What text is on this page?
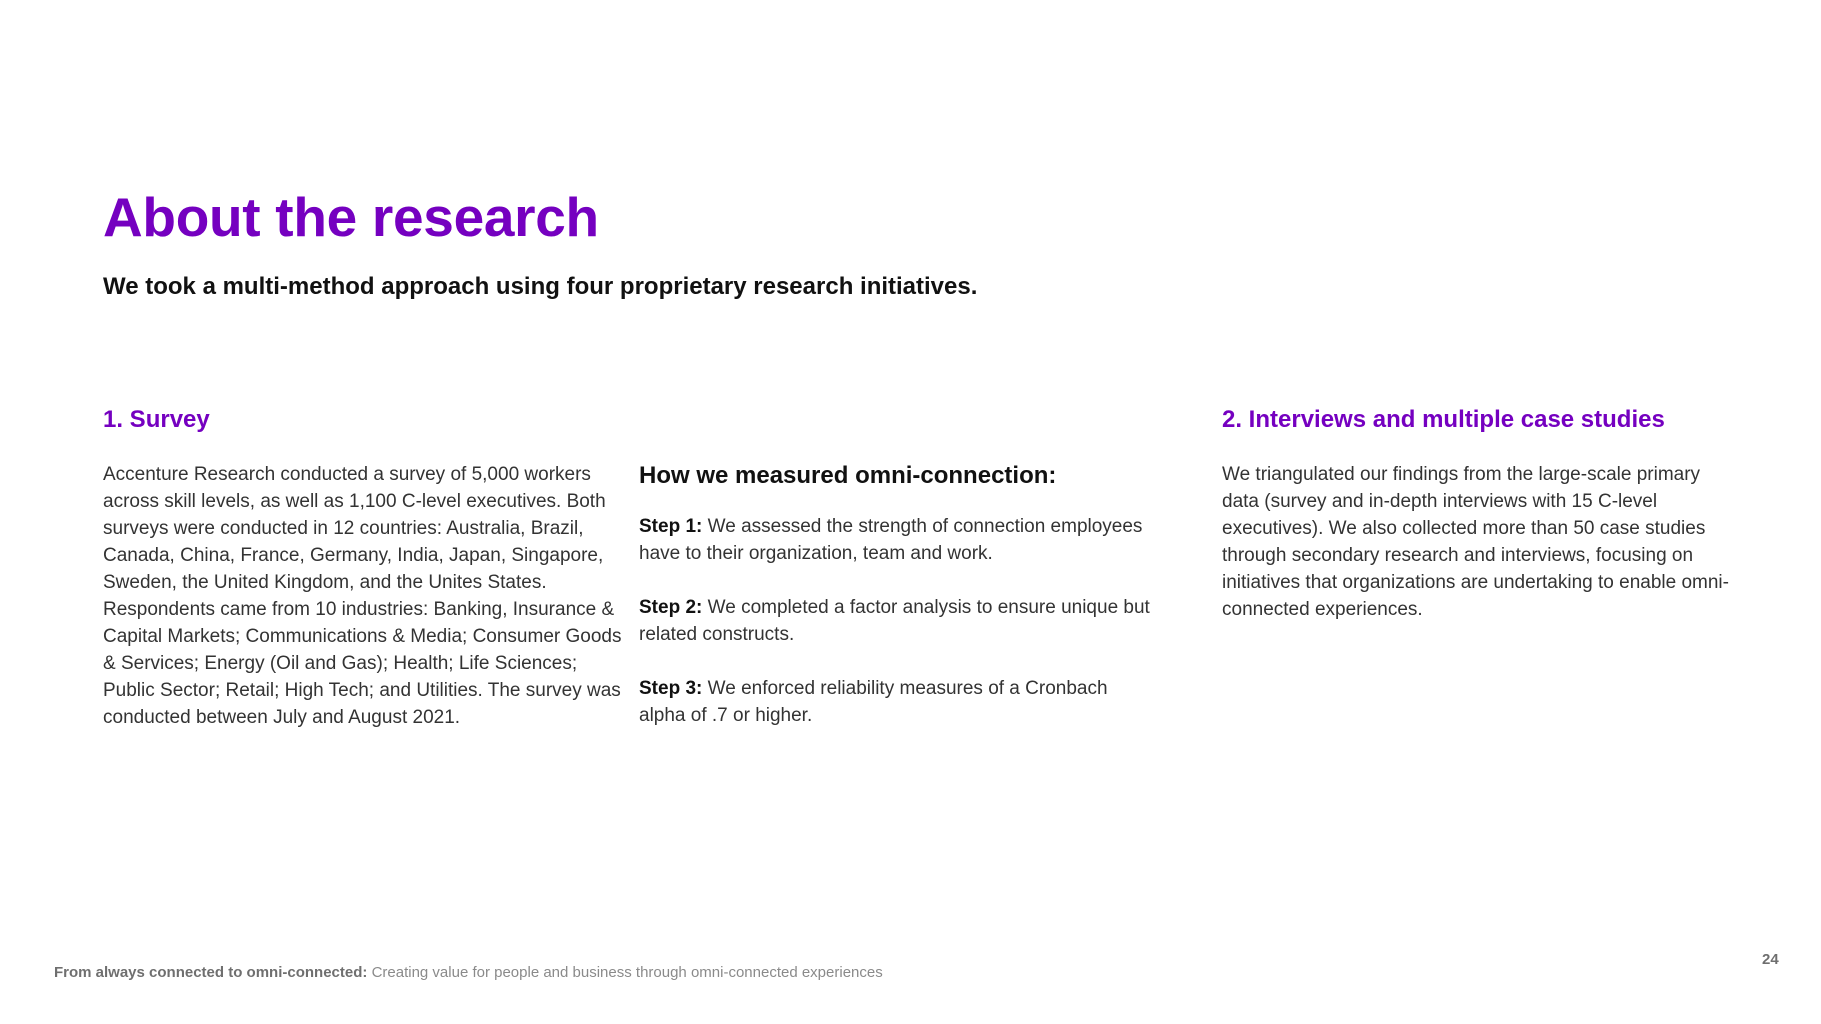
About the research
We took a multi-method approach using four proprietary research initiatives.
1. Survey

Accenture Research conducted a survey of 5,000 workers across skill levels, as well as 1,100 C-level executives. Both surveys were conducted in 12 countries: Australia, Brazil, Canada, China, France, Germany, India, Japan, Singapore, Sweden, the United Kingdom, and the Unites States. Respondents came from 10 industries: Banking, Insurance & Capital Markets; Communications & Media; Consumer Goods & Services; Energy (Oil and Gas); Health; Life Sciences; Public Sector; Retail; High Tech; and Utilities. The survey was conducted between July and August 2021.

How we measured omni-connection:

Step 1: We assessed the strength of connection employees have to their organization, team and work.

Step 2: We completed a factor analysis to ensure unique but related constructs.

Step 3: We enforced reliability measures of a Cronbach alpha of .7 or higher.

2. Interviews and multiple case studies

We triangulated our findings from the large-scale primary data (survey and in-depth interviews with 15 C-level executives). We also collected more than 50 case studies through secondary research and interviews, focusing on initiatives that organizations are undertaking to enable omni-connected experiences.

From always connected to omni-connected: Creating value for people and business through omni-connected experiences
24
